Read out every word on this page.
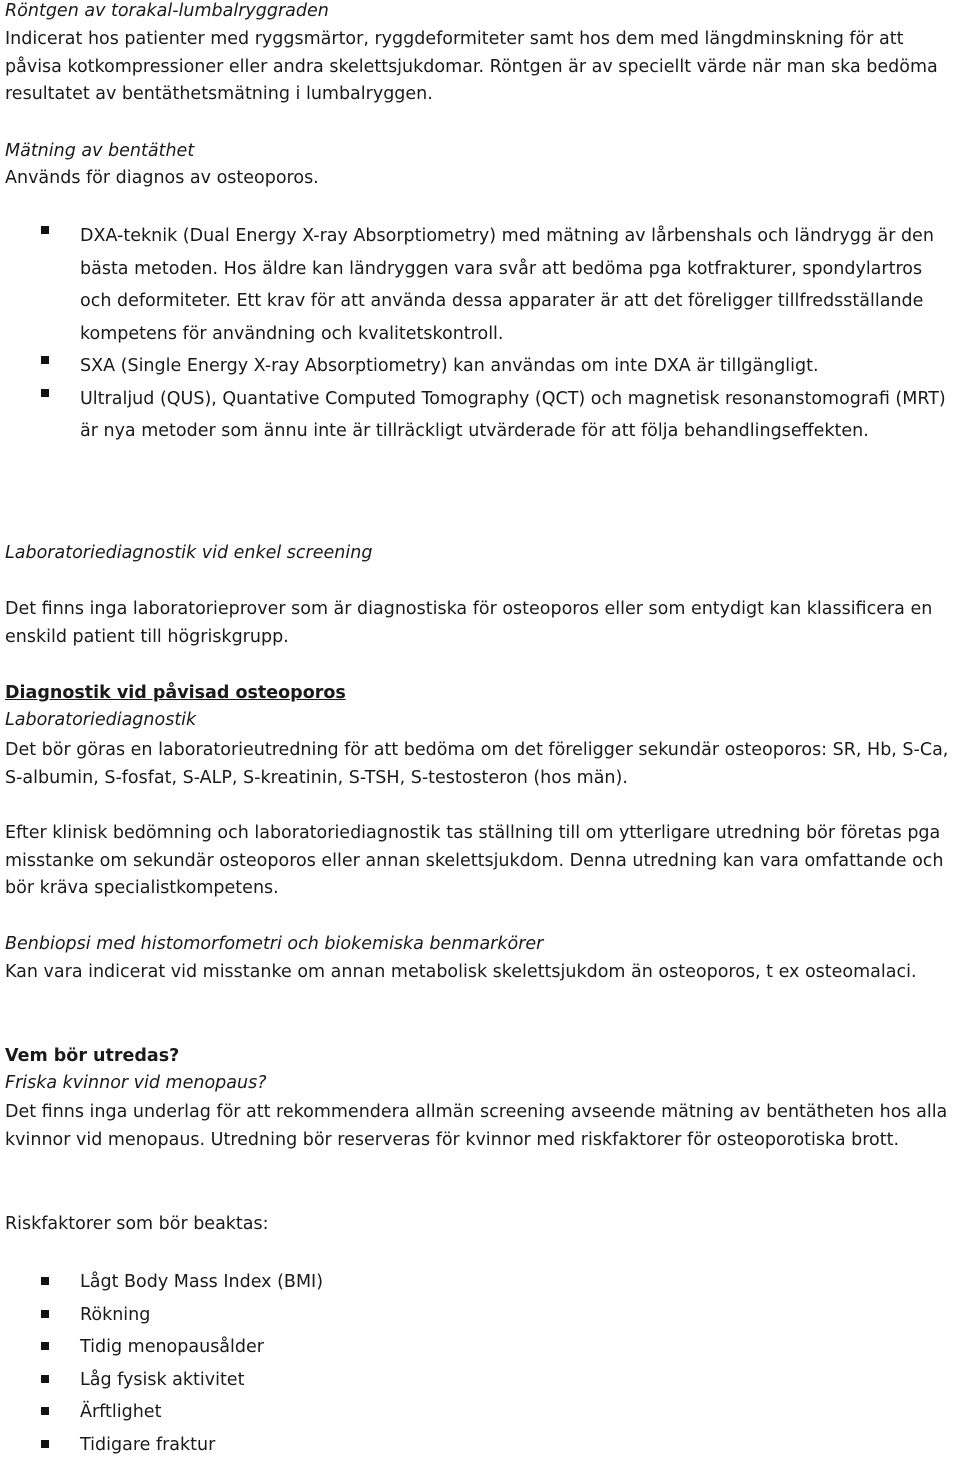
Röntgen av torakal-lumbalryggraden

Indicerat hos patienter med ryggsmärtor, ryggdeformiteter samt hos dem med längdminskning för att påvisa kotkompressioner eller andra skelettsjukdomar. Röntgen är av speciellt värde när man ska bedöma resultatet av bentäthetsmätning i lumbalryggen.

Mätning av bentäthet

Används för diagnos av osteoporos.

DXA-teknik (Dual Energy X-ray Absorptiometry) med mätning av lårbenshals och ländrygg är den bästa metoden. Hos äldre kan ländryggen vara svår att bedöma pga kotfrakturer, spondylartros och deformiteter. Ett krav för att använda dessa apparater är att det föreligger tillfredsställande kompetens för användning och kvalitetskontroll.
SXA (Single Energy X-ray Absorptiometry) kan användas om inte DXA är tillgängligt.
Ultraljud (QUS), Quantative Computed Tomography (QCT) och magnetisk resonanstomografi (MRT) är nya metoder som ännu inte är tillräckligt utvärderade för att följa behandlingseffekten.

Laboratoriediagnostik vid enkel screening

Det finns inga laboratorieprover som är diagnostiska för osteoporos eller som entydigt kan klassificera en enskild patient till högriskgrupp.

Diagnostik vid påvisad osteoporos

Laboratoriediagnostik

Det bör göras en laboratorieutredning för att bedöma om det föreligger sekundär osteoporos: SR, Hb, S-Ca, S-albumin, S-fosfat, S-ALP, S-kreatinin, S-TSH, S-testosteron (hos män).

Efter klinisk bedömning och laboratoriediagnostik tas ställning till om ytterligare utredning bör företas pga misstanke om sekundär osteoporos eller annan skelettsjukdom. Denna utredning kan vara omfattande och bör kräva specialistkompetens.

Benbiopsi med histomorfometri och biokemiska benmarkörer

Kan vara indicerat vid misstanke om annan metabolisk skelettsjukdom än osteoporos, t ex osteomalaci.

Vem bör utredas?

Friska kvinnor vid menopaus?

Det finns inga underlag för att rekommendera allmän screening avseende mätning av bentätheten hos alla kvinnor vid menopaus. Utredning bör reserveras för kvinnor med riskfaktorer för osteoporotiska brott.

Riskfaktorer som bör beaktas:

Lågt Body Mass Index (BMI)
Rökning
Tidig menopausålder
Låg fysisk aktivitet
Ärftlighet
Tidigare fraktur
